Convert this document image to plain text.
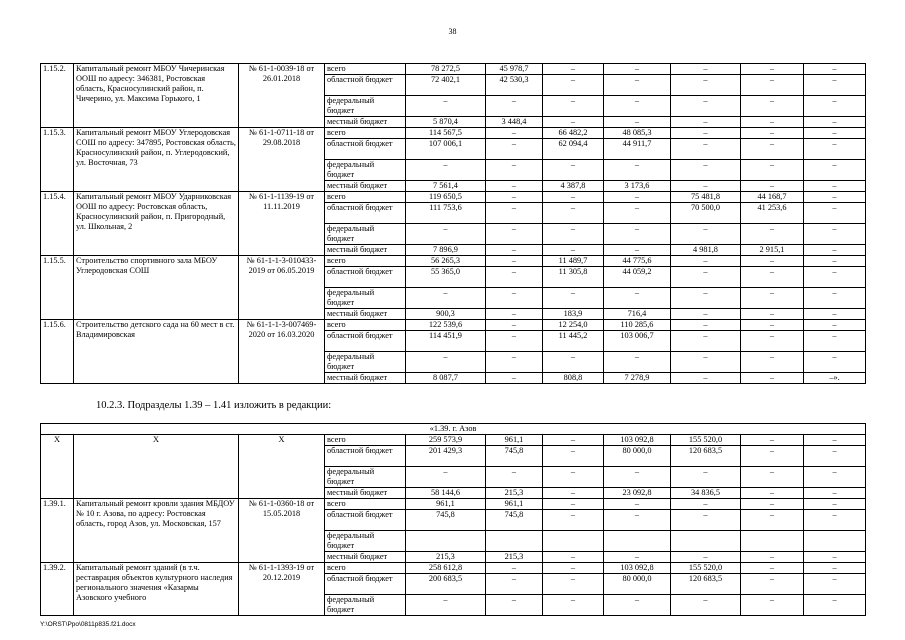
38
1.15.2.	Капитальный ремонт МБОУ Чичеринская ООШ по адресу: 346381, Ростовская область, Красносулинский район, п. Чичерино, ул. Максима Горького, 1	№ 61-1-0039-18 от 26.01.2018	всего	78 272,5	45 978,7	–	–	–	–	–
			областной бюджет	72 402,1	42 530,3	–	–	–	–	–
			федеральный бюджет	–	–	–	–	–	–	–
			местный бюджет	5 870,4	3 448,4	–	–	–	–	–
1.15.3.	Капитальный ремонт МБОУ Углеродовская СОШ по адресу: 347895, Ростовская область, Красносулинский район, п. Углеродовский, ул. Восточная, 73	№ 61-1-0711-18 от 29.08.2018	всего	114 567,5	–	66 482,2	48 085,3	–	–	–
			областной бюджет	107 006,1	–	62 094,4	44 911,7	–	–	–
			федеральный бюджет	–	–	–	–	–	–	–
			местный бюджет	7 561,4	–	4 387,8	3 173,6	–	–	–
1.15.4.	Капитальный ремонт МБОУ Ударниковская ООШ по адресу: Ростовская область, Красносулинский район, п. Пригородный, ул. Школьная, 2	№ 61-1-1139-19 от 11.11.2019	всего	119 650,5	–	–	–	75 481,8	44 168,7	–
			областной бюджет	111 753,6	–	–	–	70 500,0	41 253,6	–
			федеральный бюджет	–	–	–	–	–	–	–
			местный бюджет	7 896,9	–	–	–	4 981,8	2 915,1	–
1.15.5.	Строительство спортивного зала МБОУ Углеродовская СОШ	№ 61-1-1-3-010433-2019 от 06.05.2019	всего	56 265,3	–	11 489,7	44 775,6	–	–	–
			областной бюджет	55 365,0	–	11 305,8	44 059,2	–	–	–
			федеральный бюджет	–	–	–	–	–	–	–
			местный бюджет	900,3	–	183,9	716,4	–	–	–
1.15.6.	Строительство детского сада на 60 мест в ст. Владимировская	№ 61-1-1-3-007469-2020 от 16.03.2020	всего	122 539,6	–	12 254,0	110 285,6	–	–	–
			областной бюджет	114 451,9	–	11 445,2	103 006,7	–	–	–
			федеральный бюджет	–	–	–	–	–	–	–
			местный бюджет	8 087,7	–	808,8	7 278,9	–	–	–».
10.2.3. Подразделы 1.39 – 1.41 изложить в редакции:
«1.39. г. Азов										
Х	Х	Х	всего	259 573,9	961,1	–	103 092,8	155 520,0	–	–
			областной бюджет	201 429,3	745,8	–	80 000,0	120 683,5	–	–
			федеральный бюджет	–	–	–	–	–	–	–
			местный бюджет	58 144,6	215,3	–	23 092,8	34 836,5	–	–
1.39.1.	Капитальный ремонт кровли здания МБДОУ № 10 г. Азова, по адресу: Ростовская область, город Азов, ул. Московская, 157	№ 61-1-0360-18 от 15.05.2018	всего	961,1	961,1	–	–	–	–	–
			областной бюджет	745,8	745,8	–	–	–	–	–
			федеральный бюджет							
			местный бюджет	215,3	215,3	–	–	–	–	–
1.39.2.	Капитальный ремонт зданий (в т.ч. реставрация объектов культурного наследия регионального значения «Казармы Азовского учебного	№ 61-1-1393-19 от 20.12.2019	всего	258 612,8	–	–	103 092,8	155 520,0	–	–
			областной бюджет	200 683,5	–	–	80 000,0	120 683,5	–	–
			федеральный бюджет	–	–	–	–	–	–	–
Y:\ORST\Ppo\0811p835.f21.docx
